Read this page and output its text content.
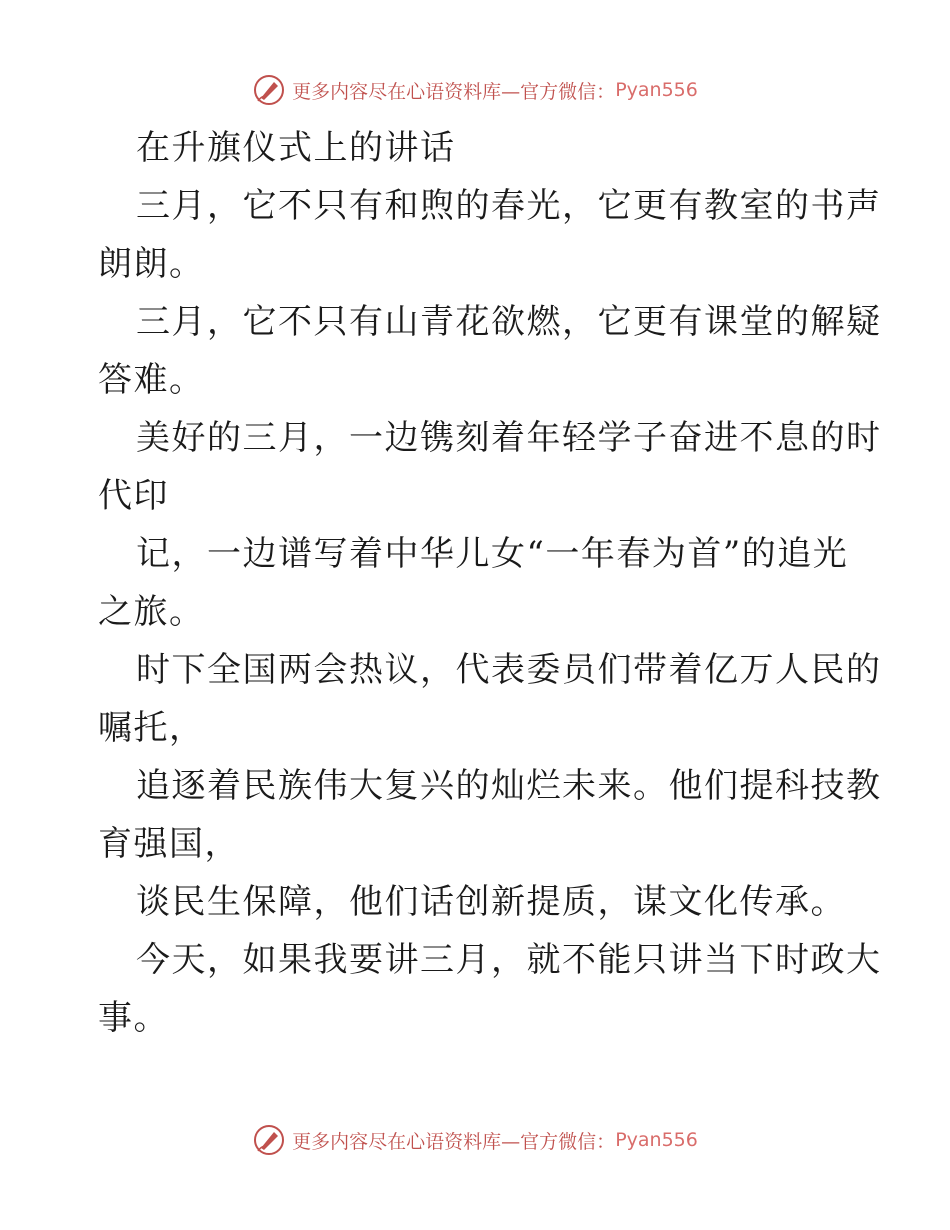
更多内容尽在心语资料库— 官方微信： Pyan556
在升旗仪式上的讲话
三月，它不只有和煦的春光，它更有教室的书声
朗朗。
三月，它不只有山青花欲燃，它更有课堂的解疑
答难。
美好的三月，一边镌刻着年轻学子奋进不息的时
代印
记，一边谱写着中华儿女“一年春为首”的追光
之旅。
时下全国两会热议，代表委员们带着亿万人民的
嘱托，
追逐着民族伟大复兴的灿烂未来。他们提科技教
育强国，
谈民生保障，他们话创新提质，谋文化传承。
今天，如果我要讲三月，就不能只讲当下时政大
事。
更多内容尽在心语资料库— 官方微信： Pyan556
